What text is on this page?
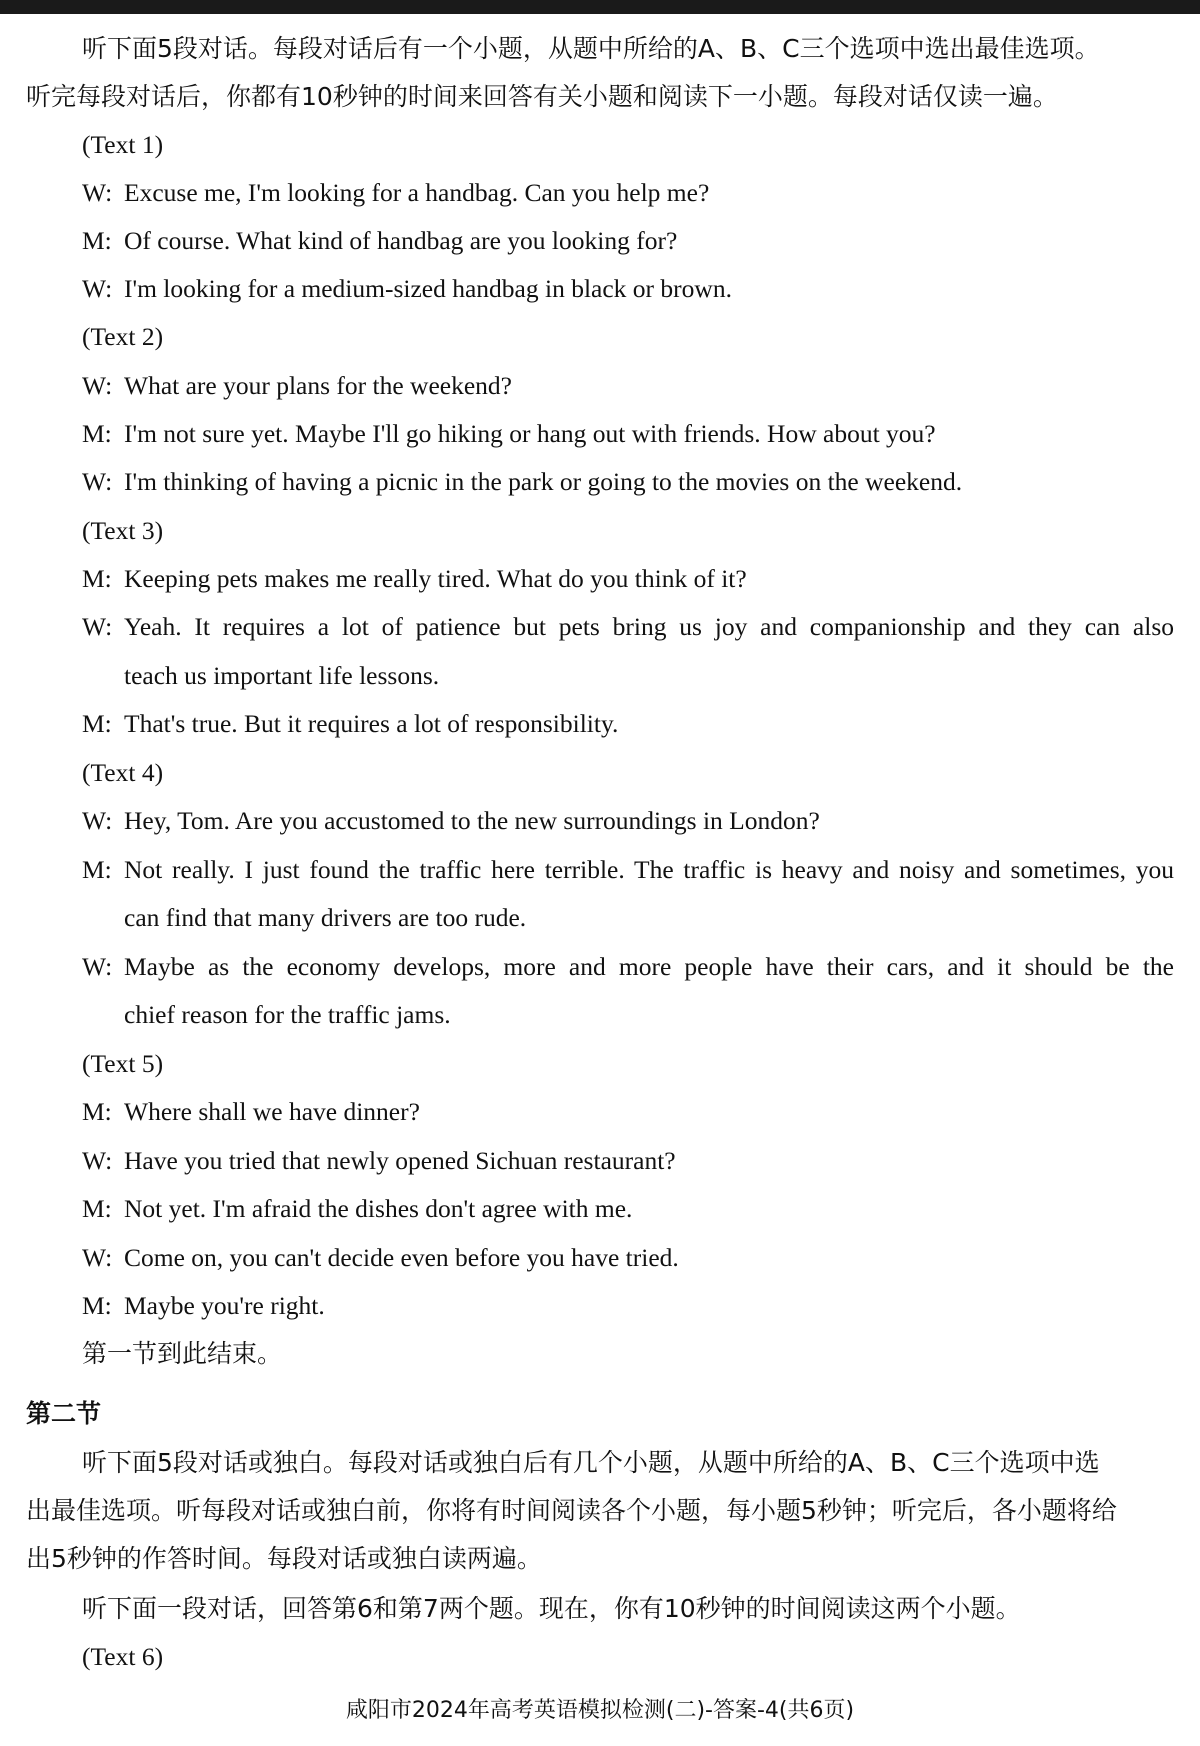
听下面5段对话。每段对话后有一个小题，从题中所给的A、B、C三个选项中选出最佳选项。
听完每段对话后，你都有10秒钟的时间来回答有关小题和阅读下一小题。每段对话仅读一遍。
(Text 1)
W: Excuse me, I'm looking for a handbag. Can you help me?
M: Of course. What kind of handbag are you looking for?
W: I'm looking for a medium-sized handbag in black or brown.
(Text 2)
W: What are your plans for the weekend?
M: I'm not sure yet. Maybe I'll go hiking or hang out with friends. How about you?
W: I'm thinking of having a picnic in the park or going to the movies on the weekend.
(Text 3)
M: Keeping pets makes me really tired. What do you think of it?
W: Yeah. It requires a lot of patience but pets bring us joy and companionship and they can also
teach us important life lessons.
M: That's true. But it requires a lot of responsibility.
(Text 4)
W: Hey, Tom. Are you accustomed to the new surroundings in London?
M: Not really. I just found the traffic here terrible. The traffic is heavy and noisy and sometimes, you
can find that many drivers are too rude.
W: Maybe as the economy develops, more and more people have their cars, and it should be the
chief reason for the traffic jams.
(Text 5)
M: Where shall we have dinner?
W: Have you tried that newly opened Sichuan restaurant?
M: Not yet. I'm afraid the dishes don't agree with me.
W: Come on, you can't decide even before you have tried.
M: Maybe you're right.
第一节到此结束。
第二节
听下面5段对话或独白。每段对话或独白后有几个小题，从题中所给的A、B、C三个选项中选
出最佳选项。听每段对话或独白前，你将有时间阅读各个小题，每小题5秒钟；听完后，各小题将给
出5秒钟的作答时间。每段对话或独白读两遍。
听下面一段对话，回答第6和第7两个题。现在，你有10秒钟的时间阅读这两个小题。
(Text 6)
咸阳市2024年高考英语模拟检测(二)-答案-4(共6页)
